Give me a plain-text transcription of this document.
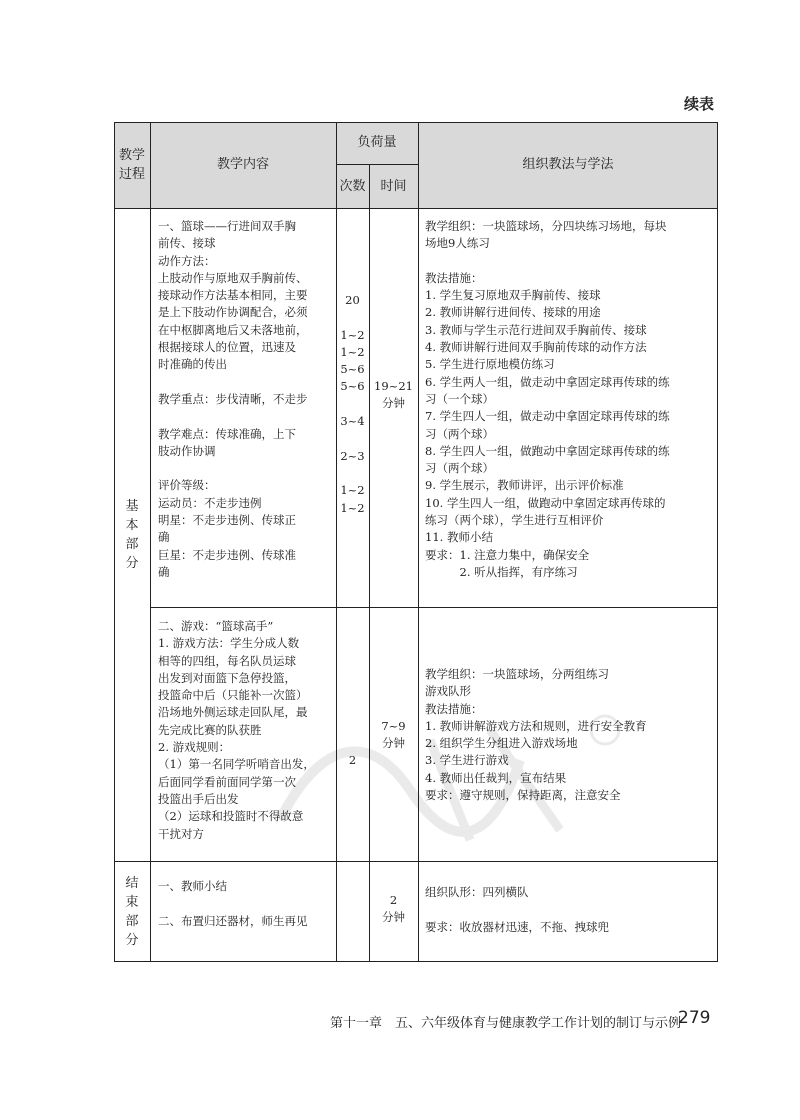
续表
教学
过程
教学内容
负荷量
次数	时间
组织教法与学法
基
本
部
分
结
束
部
分
一、篮球——行进间双手胸
前传、接球
动作方法：
上肢动作与原地双手胸前传、
接球动作方法基本相同，主要
是上下肢动作协调配合，必须
在中枢脚离地后又未落地前，
根据接球人的位置，迅速及
时准确的传出

教学重点：步伐清晰，不走步

教学难点：传球准确，上下
肢动作协调

评价等级：
运动员：不走步违例
明星：不走步违例、传球正
确
巨星：不走步违例、传球准
确
20

1~2
1~2
5~6
5~6

3~4

2~3

1~2
1~2
19~21
分钟
教学组织：一块篮球场，分四块练习场地，每块
场地9人练习

教法措施：
1. 学生复习原地双手胸前传、接球
2. 教师讲解行进间传、接球的用途
3. 教师与学生示范行进间双手胸前传、接球
4. 教师讲解行进间双手胸前传球的动作方法
5. 学生进行原地模仿练习
6. 学生两人一组，做走动中拿固定球再传球的练
习（一个球）
7. 学生四人一组，做走动中拿固定球再传球的练
习（两个球）
8. 学生四人一组，做跑动中拿固定球再传球的练
习（两个球）
9. 学生展示，教师讲评，出示评价标准
10. 学生四人一组，做跑动中拿固定球再传球的
练习（两个球），学生进行互相评价
11. 教师小结
要求：1. 注意力集中，确保安全
　　　2. 听从指挥，有序练习
二、游戏：“篮球高手”
1. 游戏方法：学生分成人数
相等的四组，每名队员运球
出发到对面篮下急停投篮，
投篮命中后（只能补一次篮）
沿场地外侧运球走回队尾，最
先完成比赛的队获胜
2. 游戏规则：
（1）第一名同学听哨音出发，
后面同学看前面同学第一次
投篮出手后出发
（2）运球和投篮时不得故意
干扰对方
2
7~9
分钟
教学组织：一块篮球场，分两组练习
游戏队形
教法措施：
1. 教师讲解游戏方法和规则，进行安全教育
2. 组织学生分组进入游戏场地
3. 学生进行游戏
4. 教师出任裁判，宣布结果
要求：遵守规则，保持距离，注意安全
一、教师小结

二、布置归还器材，师生再见
2
分钟
组织队形：四列横队

要求：收放器材迅速，不拖、拽球兜
第十一章　五、六年级体育与健康教学工作计划的制订与示例
279
